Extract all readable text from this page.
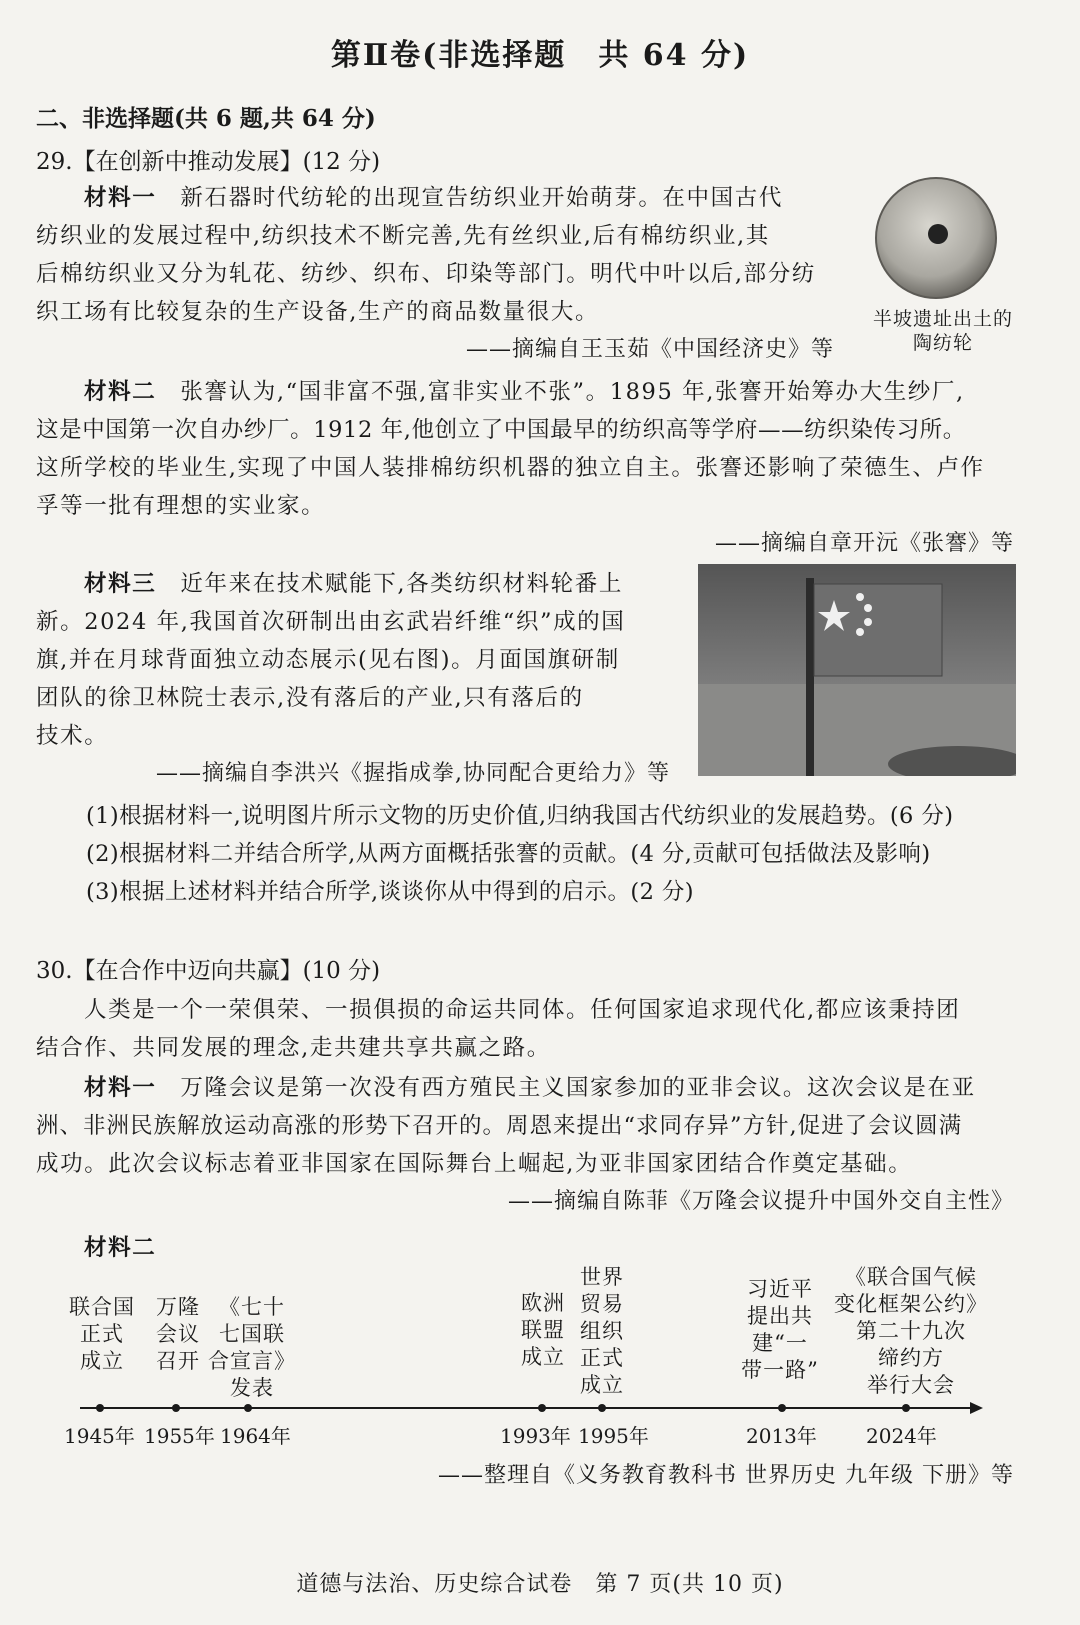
第Ⅱ卷(非选择题　共 64 分)
二、非选择题(共 6 题,共 64 分)
29.【在创新中推动发展】(12 分)
材料一　 新石器时代纺轮的出现宣告纺织业开始萌芽。在中国古代
纺织业的发展过程中,纺织技术不断完善,先有丝织业,后有棉纺织业,其
后棉纺织业又分为轧花、纺纱、织布、印染等部门。明代中叶以后,部分纺
织工场有比较复杂的生产设备,生产的商品数量很大。
——摘编自王玉茹《中国经济史》等
半坡遗址出土的
陶纺轮
材料二　 张謇认为,“国非富不强,富非实业不张”。1895 年,张謇开始筹办大生纱厂,
这是中国第一次自办纱厂。1912 年,他创立了中国最早的纺织高等学府——纺织染传习所。
这所学校的毕业生,实现了中国人装排棉纺织机器的独立自主。张謇还影响了荣德生、卢作
孚等一批有理想的实业家。
——摘编自章开沅《张謇》等
材料三　 近年来在技术赋能下,各类纺织材料轮番上
新。2024 年,我国首次研制出由玄武岩纤维“织”成的国
旗,并在月球背面独立动态展示(见右图)。月面国旗研制
团队的徐卫林院士表示,没有落后的产业,只有落后的
技术。
——摘编自李洪兴《握指成拳,协同配合更给力》等
(1)根据材料一,说明图片所示文物的历史价值,归纳我国古代纺织业的发展趋势。(6 分)
(2)根据材料二并结合所学,从两方面概括张謇的贡献。(4 分,贡献可包括做法及影响)
(3)根据上述材料并结合所学,谈谈你从中得到的启示。(2 分)
30.【在合作中迈向共赢】(10 分)
人类是一个一荣俱荣、一损俱损的命运共同体。任何国家追求现代化,都应该秉持团
结合作、共同发展的理念,走共建共享共赢之路。
材料一　 万隆会议是第一次没有西方殖民主义国家参加的亚非会议。这次会议是在亚
洲、非洲民族解放运动高涨的形势下召开的。周恩来提出“求同存异”方针,促进了会议圆满
成功。此次会议标志着亚非国家在国际舞台上崛起,为亚非国家团结合作奠定基础。
——摘编自陈菲《万隆会议提升中国外交自主性》
材料二
联合国
正式
成立
万隆
会议
召开
《七十
七国联
合宣言》
发表
欧洲
联盟
成立
世界
贸易
组织
正式
成立
习近平
提出共
建“一
带一路”
《联合国气候
变化框架公约》
第二十九次
缔约方
举行大会
1945年 1955年 1964年	1993年 1995年	2013年 2024年
——整理自《义务教育教科书 世界历史 九年级 下册》等
道德与法治、历史综合试卷　第 7 页(共 10 页)
